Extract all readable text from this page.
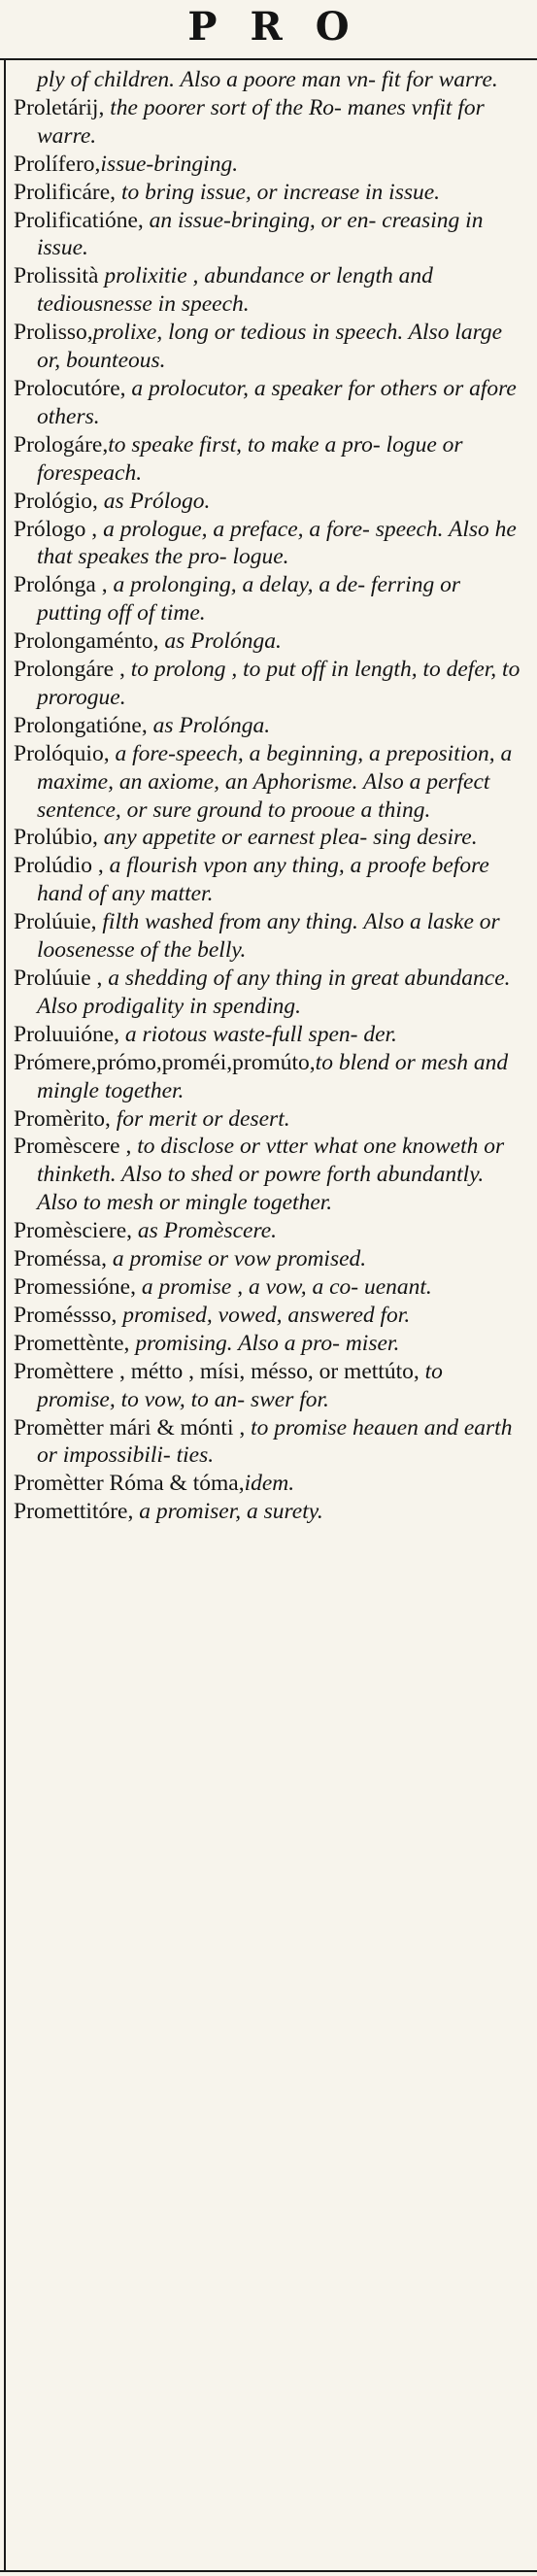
PRO

ply of children. Also a poore man vn- fit for warre.

Proletárij, the poorer sort of the Ro- manes vnfit for warre.

Prolífero,issue-bringing.

Prolificáre, to bring issue, or increase in issue.

Prolificatióne, an issue-bringing, or en- creasing in issue.

Prolissità prolixitie , abundance or length and tediousnesse in speech.

Prolisso,prolixe, long or tedious in speech. Also large or, bounteous.

Prolocutóre, a prolocutor, a speaker for others or afore others.

Prologáre,to speake first, to make a pro- logue or forespeach.

Prológio, as Prólogo.

Prólogo , a prologue, a preface, a fore- speech. Also he that speakes the pro- logue.

Prolónga , a prolonging, a delay, a de- ferring or putting off of time.

Prolongaménto, as Prolónga.

Prolongáre , to prolong , to put off in length, to defer, to prorogue.

Prolongatióne, as Prolónga.

Prolóquio, a fore-speech, a beginning, a preposition, a maxime, an axiome, an Aphorisme. Also a perfect sentence, or sure ground to prooue a thing.

Prolúbio, any appetite or earnest plea- sing desire.

Prolúdio , a flourish vpon any thing, a proofe before hand of any matter.

Prolúuie, filth washed from any thing. Also a laske or loosenesse of the belly.

Prolúuie , a shedding of any thing in great abundance. Also prodigality in spending.

Proluuióne, a riotous waste-full spen- der.

Prómere,prómo,proméi,promúto,to blend or mesh and mingle together.

Promèrito, for merit or desert.

Promèscere , to disclose or vtter what one knoweth or thinketh. Also to shed or powre forth abundantly. Also to mesh or mingle together.

Promèsciere, as Promèscere.

Proméssa, a promise or vow promised.

Promessióne, a promise , a vow, a co- uenant.

Proméssso, promised, vowed, answered for.

Promettènte, promising. Also a pro- miser.

Promèttere , métto , mísi, mésso, or mettúto, to promise, to vow, to an- swer for.

Promètter mári & mónti , to promise heauen and earth or impossibili- ties.

Promètter Róma & tóma,idem.

Promettitóre, a promiser, a surety.
